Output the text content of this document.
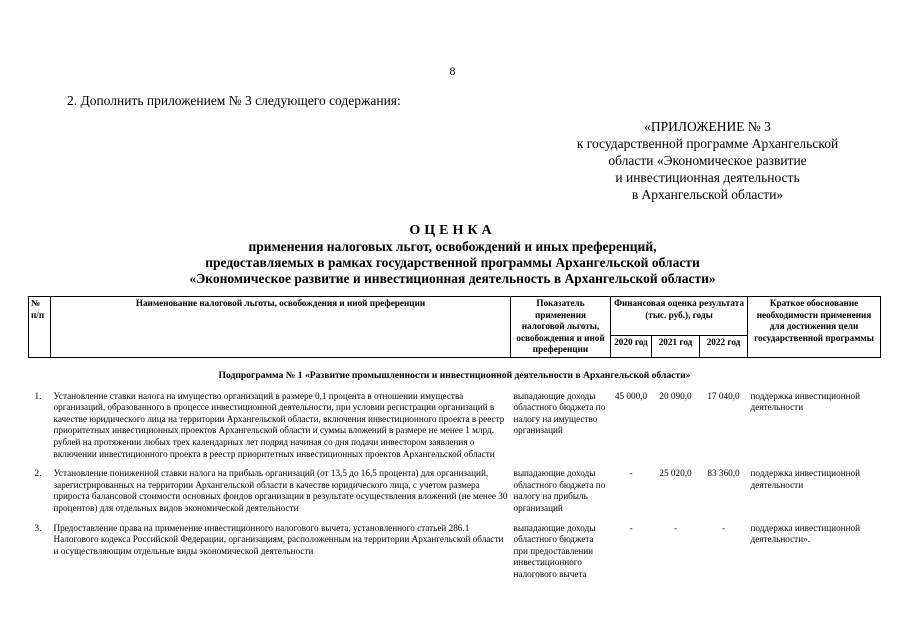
8
2. Дополнить приложением № 3 следующего содержания:
«ПРИЛОЖЕНИЕ № 3
к государственной программе Архангельской
области «Экономическое развитие
и инвестиционная деятельность
в Архангельской области»
ОЦЕНКА
применения налоговых льгот, освобождений и иных преференций,
предоставляемых в рамках государственной программы Архангельской области
«Экономическое развитие и инвестиционная деятельность в Архангельской области»
№ п/п	Наименование налоговой льготы, освобождения и иной преференции	Показатель применения налоговой льготы, освобождения и иной преференции	Финансовая оценка результата (тыс. руб.), годы			Краткое обоснование необходимости применения для достижения цели государственной программы
			2020 год	2021 год	2022 год	
Подпрограмма № 1 «Развитие промышленности и инвестиционной деятельности в Архангельской области»						
1.	Установление ставки налога на имущество организаций в размере 0,1 процента в отношении имущества организаций, образованного в процессе инвестиционной деятельности, при условии регистрации организаций в качестве юридического лица на территории Архангельской области, включения инвестиционного проекта в реестр приоритетных инвестиционных проектов Архангельской области и суммы вложений в размере не менее 1 млрд. рублей на протяжении любых трех календарных лет подряд начиная со дня подачи инвестором заявления о включении инвестиционного проекта в реестр приоритетных инвестиционных проектов Архангельской области	выпадающие доходы областного бюджета по налогу на имущество организаций	45 000,0	20 090,0	17 040,0	поддержка инвестиционной деятельности
2.	Установление пониженной ставки налога на прибыль организаций (от 13,5 до 16,5 процента) для организаций, зарегистрированных на территории Архангельской области в качестве юридического лица, с учетом размера прироста балансовой стоимости основных фондов организации в результате осуществления вложений (не менее 30 процентов) для отдельных видов экономической деятельности	выпадающие доходы областного бюджета по налогу на прибыль организаций	-	25 020,0	83 360,0	поддержка инвестиционной деятельности
3.	Предоставление права на применение инвестиционного налогового вычета, установленного статьей 286.1 Налогового кодекса Российской Федерации, организациям, расположенным на территории Архангельской области и осуществляющим отдельные виды экономической деятельности	выпадающие доходы областного бюджета при предоставлении инвестиционного налогового вычета	-	-	-	поддержка инвестиционной деятельности».
